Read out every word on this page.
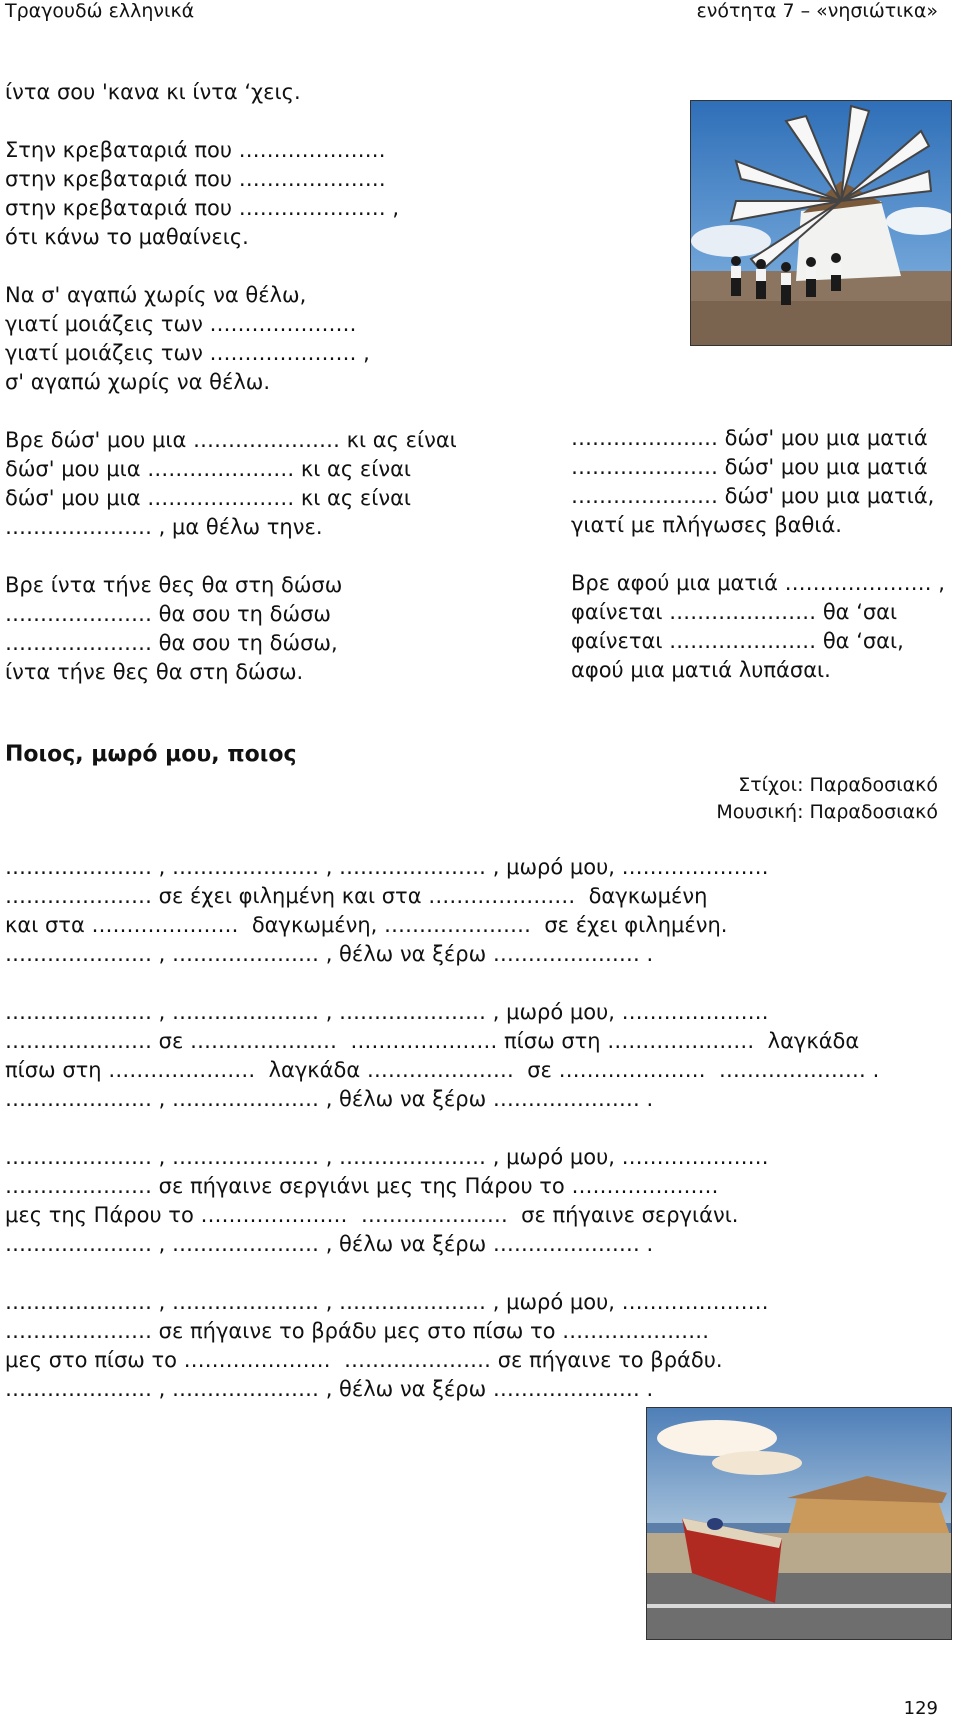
Τραγουδώ ελληνικά	ενότητα 7 – «νησιώτικα»
ίντα σου 'κανα κι ίντα ‘χεις.
Στην κρεβαταριά που …………………
στην κρεβαταριά που …………………
στην κρεβαταριά που ………………… ,
ότι κάνω το μαθαίνεις.
Να σ' αγαπώ χωρίς να θέλω,
γιατί μοιάζεις των …………………
γιατί μοιάζεις των ………………… ,
σ' αγαπώ χωρίς να θέλω.
Βρε δώσ' μου μια ………………… κι ας είναι
δώσ' μου μια ………………… κι ας είναι
δώσ' μου μια ………………… κι ας είναι
………………… , μα θέλω τηνε.
Βρε ίντα τήνε θες θα στη δώσω
………………… θα σου τη δώσω
………………… θα σου τη δώσω,
ίντα τήνε θες θα στη δώσω.
………………… δώσ' μου μια ματιά
………………… δώσ' μου μια ματιά
………………… δώσ' μου μια ματιά,
γιατί με πλήγωσες βαθιά.
Βρε αφού μια ματιά ………………… ,
φαίνεται ………………… θα ‘σαι
φαίνεται ………………… θα ‘σαι,
αφού μια ματιά λυπάσαι.
Ποιος, μωρό μου, ποιος
Στίχοι: Παραδοσιακό
Μουσική: Παραδοσιακό
………………… , ………………… , ………………… , μωρό μου, …………………
………………… σε έχει φιλημένη και στα …………………  δαγκωμένη
και στα …………………  δαγκωμένη, …………………  σε έχει φιλημένη.
………………… , ………………… , θέλω να ξέρω ………………… .
………………… , ………………… , ………………… , μωρό μου, …………………
………………… σε …………………  ………………… πίσω στη …………………  λαγκάδα
πίσω στη …………………  λαγκάδα …………………  σε …………………  ………………… .
………………… , ………………… , θέλω να ξέρω ………………… .
………………… , ………………… , ………………… , μωρό μου, …………………
………………… σε πήγαινε σεργιάνι μες της Πάρου το …………………
μες της Πάρου το …………………  …………………  σε πήγαινε σεργιάνι.
………………… , ………………… , θέλω να ξέρω ………………… .
………………… , ………………… , ………………… , μωρό μου, …………………
………………… σε πήγαινε το βράδυ μες στο πίσω το …………………
μες στο πίσω το …………………  ………………… σε πήγαινε το βράδυ.
………………… , ………………… , θέλω να ξέρω ………………… .
129
